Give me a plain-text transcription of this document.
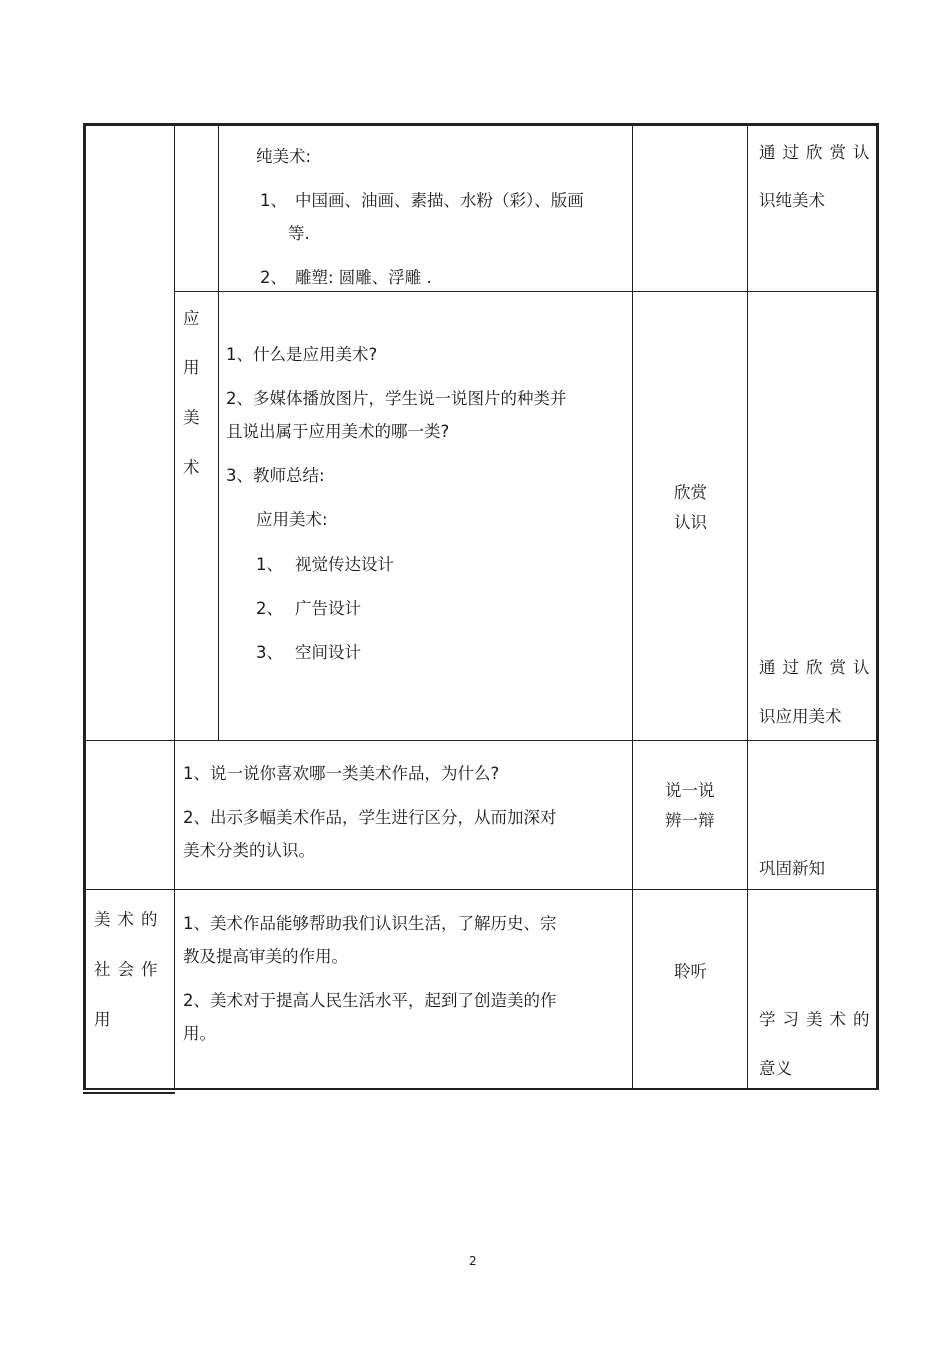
纯美术:
1、 中国画、油画、素描、水粉（彩）、版画
等.
2、 雕塑: 圆雕、浮雕 .
通过欣赏认
识纯美术
应
用
美
术
1、什么是应用美术?
2、多媒体播放图片，学生说一说图片的种类并
且说出属于应用美术的哪一类?
3、教师总结:
应用美术:
1、 视觉传达设计
2、 广告设计
3、 空间设计
欣赏
认识
通过欣赏认
识应用美术
1、说一说你喜欢哪一类美术作品，为什么?
2、出示多幅美术作品，学生进行区分，从而加深对
美术分类的认识。
说一说
辨一辩
巩固新知
美术的
社会作
用
1、美术作品能够帮助我们认识生活，了解历史、宗
教及提高审美的作用。
2、美术对于提高人民生活水平，起到了创造美的作
用。
聆听
学习美术的
意义
2
